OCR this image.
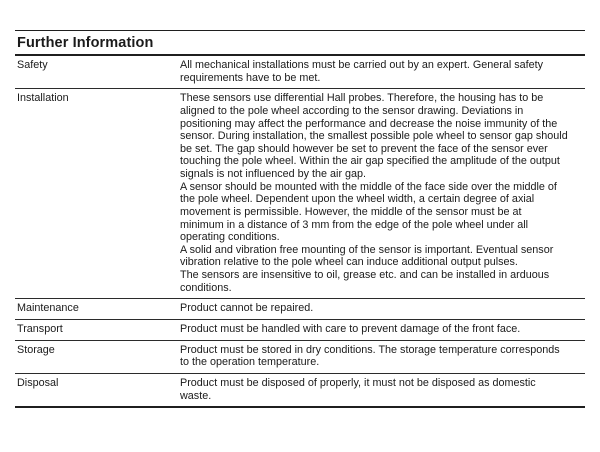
Further Information
Safety	All mechanical installations must be carried out by an expert. General safety requirements have to be met.

Installation	These sensors use differential Hall probes. Therefore, the housing has to be aligned to the pole wheel according to the sensor drawing. Deviations in positioning may affect the performance and decrease the noise immunity of the sensor. During installation, the smallest possible pole wheel to sensor gap should be set. The gap should however be set to prevent the face of the sensor ever touching the pole wheel. Within the air gap specified the amplitude of the output signals is not influenced by the air gap.

A sensor should be mounted with the middle of the face side over the middle of the pole wheel. Dependent upon the wheel width, a certain degree of axial movement is permissible. However, the middle of the sensor must be at minimum in a distance of 3 mm from the edge of the pole wheel under all operating conditions.

A solid and vibration free mounting of the sensor is important. Eventual sensor vibration relative to the pole wheel can induce additional output pulses.

The sensors are insensitive to oil, grease etc. and can be installed in arduous conditions.

Maintenance	Product cannot be repaired.

Transport	Product must be handled with care to prevent damage of the front face.

Storage	Product must be stored in dry conditions. The storage temperature corresponds to the operation temperature.

Disposal	Product must be disposed of properly, it must not be disposed as domestic waste.
